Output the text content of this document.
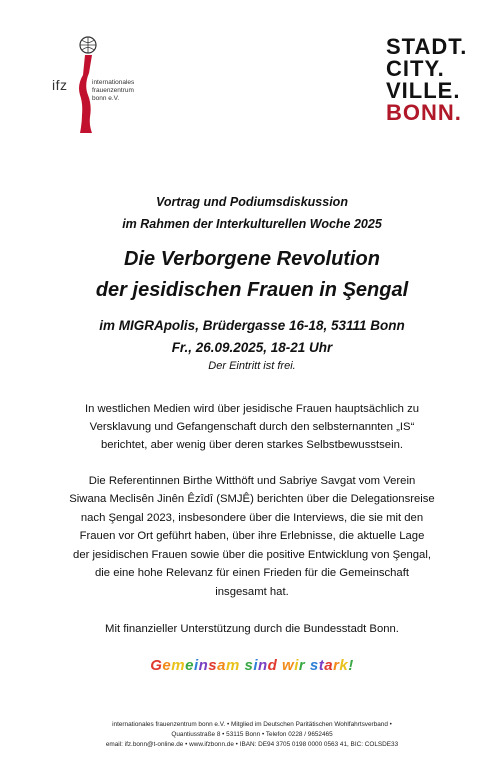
ifz	internationales
frauenzentrum
bonn e.V.
STADT.
CITY.
VILLE.
BONN.
Vortrag und Podiumsdiskussion
im Rahmen der Interkulturellen Woche 2025
Die Verborgene Revolution
der jesidischen Frauen in Şengal
im MIGRApolis, Brüdergasse 16-18, 53111 Bonn
Fr., 26.09.2025, 18-21 Uhr
Der Eintritt ist frei.
In westlichen Medien wird über jesidische Frauen hauptsächlich zu
Versklavung und Gefangenschaft durch den selbsternannten „IS“
berichtet, aber wenig über deren starkes Selbstbewusstsein.
Die Referentinnen Birthe Witthöft und Sabriye Savgat vom Verein
Siwana Meclisên Jinên Êzîdî (SMJÊ) berichten über die Delegationsreise
nach Şengal 2023, insbesondere über die Interviews, die sie mit den
Frauen vor Ort geführt haben, über ihre Erlebnisse, die aktuelle Lage
der jesidischen Frauen sowie über die positive Entwicklung von Şengal,
die eine hohe Relevanz für einen Frieden für die Gemeinschaft
insgesamt hat.
Mit finanzieller Unterstützung durch die Bundesstadt Bonn.
Gemeinsam sind wir stark!
internationales frauenzentrum bonn e.V. • Mitglied im Deutschen Paritätischen Wohlfahrtsverband •
Quantiusstraße 8 • 53115 Bonn • Telefon 0228 / 9652465
email: ifz.bonn@t-online.de • www.ifzbonn.de • IBAN: DE94 3705 0198 0000 0563 41, BIC: COLSDE33
